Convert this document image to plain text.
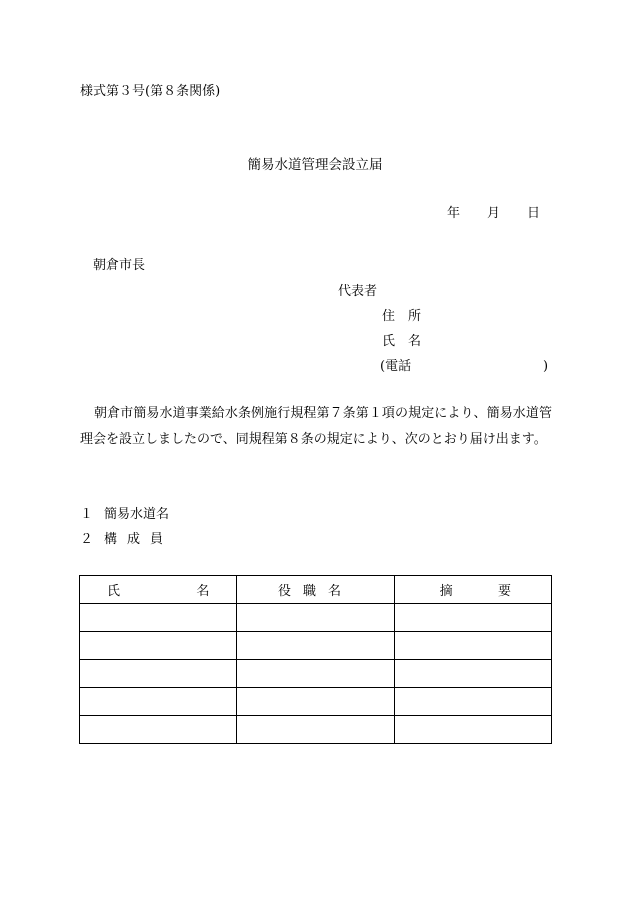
様式第３号(第８条関係)
簡易水道管理会設立届
年 月 日
朝倉市長
代表者
住所
氏名
(電話	)
朝倉市簡易水道事業給水条例施行規程第７条第１項の規定により、簡易水道管理会を設立しましたので、同規程第８条の規定により、次のとおり届け出ます。
１ 簡易水道名
２ 構成員
氏 名	役職名	摘 要
